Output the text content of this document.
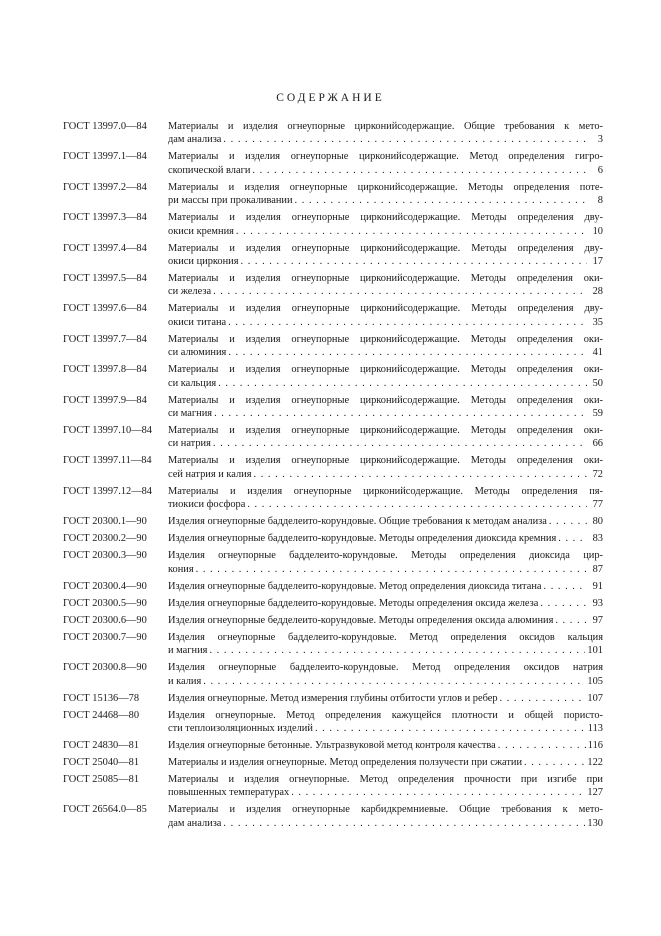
СОДЕРЖАНИЕ
ГОСТ 13997.0—84	Материалы и изделия огнеупорные цирконийсодержащие. Общие требования к мето-
дам анализа . . .	3
ГОСТ 13997.1—84	Материалы и изделия огнеупорные цирконийсодержащие. Метод определения гигро-
скопической влаги . . .	6
ГОСТ 13997.2—84	Материалы и изделия огнеупорные цирконийсодержащие. Методы определения поте-
ри массы при прокаливании . . .	8
ГОСТ 13997.3—84	Материалы и изделия огнеупорные цирконийсодержащие. Методы определения дву-
окиси кремния . . .	10
ГОСТ 13997.4—84	Материалы и изделия огнеупорные цирконийсодержащие. Методы определения дву-
окиси циркония . . .	17
ГОСТ 13997.5—84	Материалы и изделия огнеупорные цирконийсодержащие. Методы определения оки-
си железа . . .	28
ГОСТ 13997.6—84	Материалы и изделия огнеупорные цирконийсодержащие. Методы определения дву-
окиси титана . . .	35
ГОСТ 13997.7—84	Материалы и изделия огнеупорные цирконийсодержащие. Методы определения оки-
си алюминия . . .	41
ГОСТ 13997.8—84	Материалы и изделия огнеупорные цирконийсодержащие. Методы определения оки-
си кальция . . .	50
ГОСТ 13997.9—84	Материалы и изделия огнеупорные цирконийсодержащие. Методы определения оки-
си магния . . .	59
ГОСТ 13997.10—84	Материалы и изделия огнеупорные цирконийсодержащие. Методы определения оки-
си натрия . . .	66
ГОСТ 13997.11—84	Материалы и изделия огнеупорные цирконийсодержащие. Методы определения оки-
сей натрия и калия . . .	72
ГОСТ 13997.12—84	Материалы и изделия огнеупорные цирконийсодержащие. Методы определения пя-
тиокиси фосфора . . .	77
ГОСТ 20300.1—90	Изделия огнеупорные бадделеито-корундовые. Общие требования к методам анализа . . .	80
ГОСТ 20300.2—90	Изделия огнеупорные бадделеито-корундовые. Методы определения диоксида кремния . . .	83
ГОСТ 20300.3—90	Изделия огнеупорные бадделеито-корундовые. Методы определения диоксида цир-
кония . . .	87
ГОСТ 20300.4—90	Изделия огнеупорные бадделеито-корундовые. Метод определения диоксида титана . . .	91
ГОСТ 20300.5—90	Изделия огнеупорные бадделеито-корундовые. Методы определения оксида железа . . .	93
ГОСТ 20300.6—90	Изделия огнеупорные бедделеито-корундовые. Методы определения оксида алюминия . . .	97
ГОСТ 20300.7—90	Изделия огнеупорные бадделеито-корундовые. Метод определения оксидов кальция
и магния . . .	101
ГОСТ 20300.8—90	Изделия огнеупорные бадделеито-корундовые. Метод определения оксидов натрия
и калия . . .	105
ГОСТ 15136—78	Изделия огнеупорные. Метод измерения глубины отбитости углов и ребер . . .	107
ГОСТ 24468—80	Изделия огнеупорные. Метод определения кажущейся плотности и общей пористо-
сти теплоизоляционных изделий . . .	113
ГОСТ 24830—81	Изделия огнеупорные бетонные. Ультразвуковой метод контроля качества . . .	116
ГОСТ 25040—81	Материалы и изделия огнеупорные. Метод определения ползучести при сжатии . . .	122
ГОСТ 25085—81	Материалы и изделия огнеупорные. Метод определения прочности при изгибе при
повышенных температурах . . .	127
ГОСТ 26564.0—85	Материалы и изделия огнеупорные карбидкремниевые. Общие требования к мето-
дам анализа . . .	130
